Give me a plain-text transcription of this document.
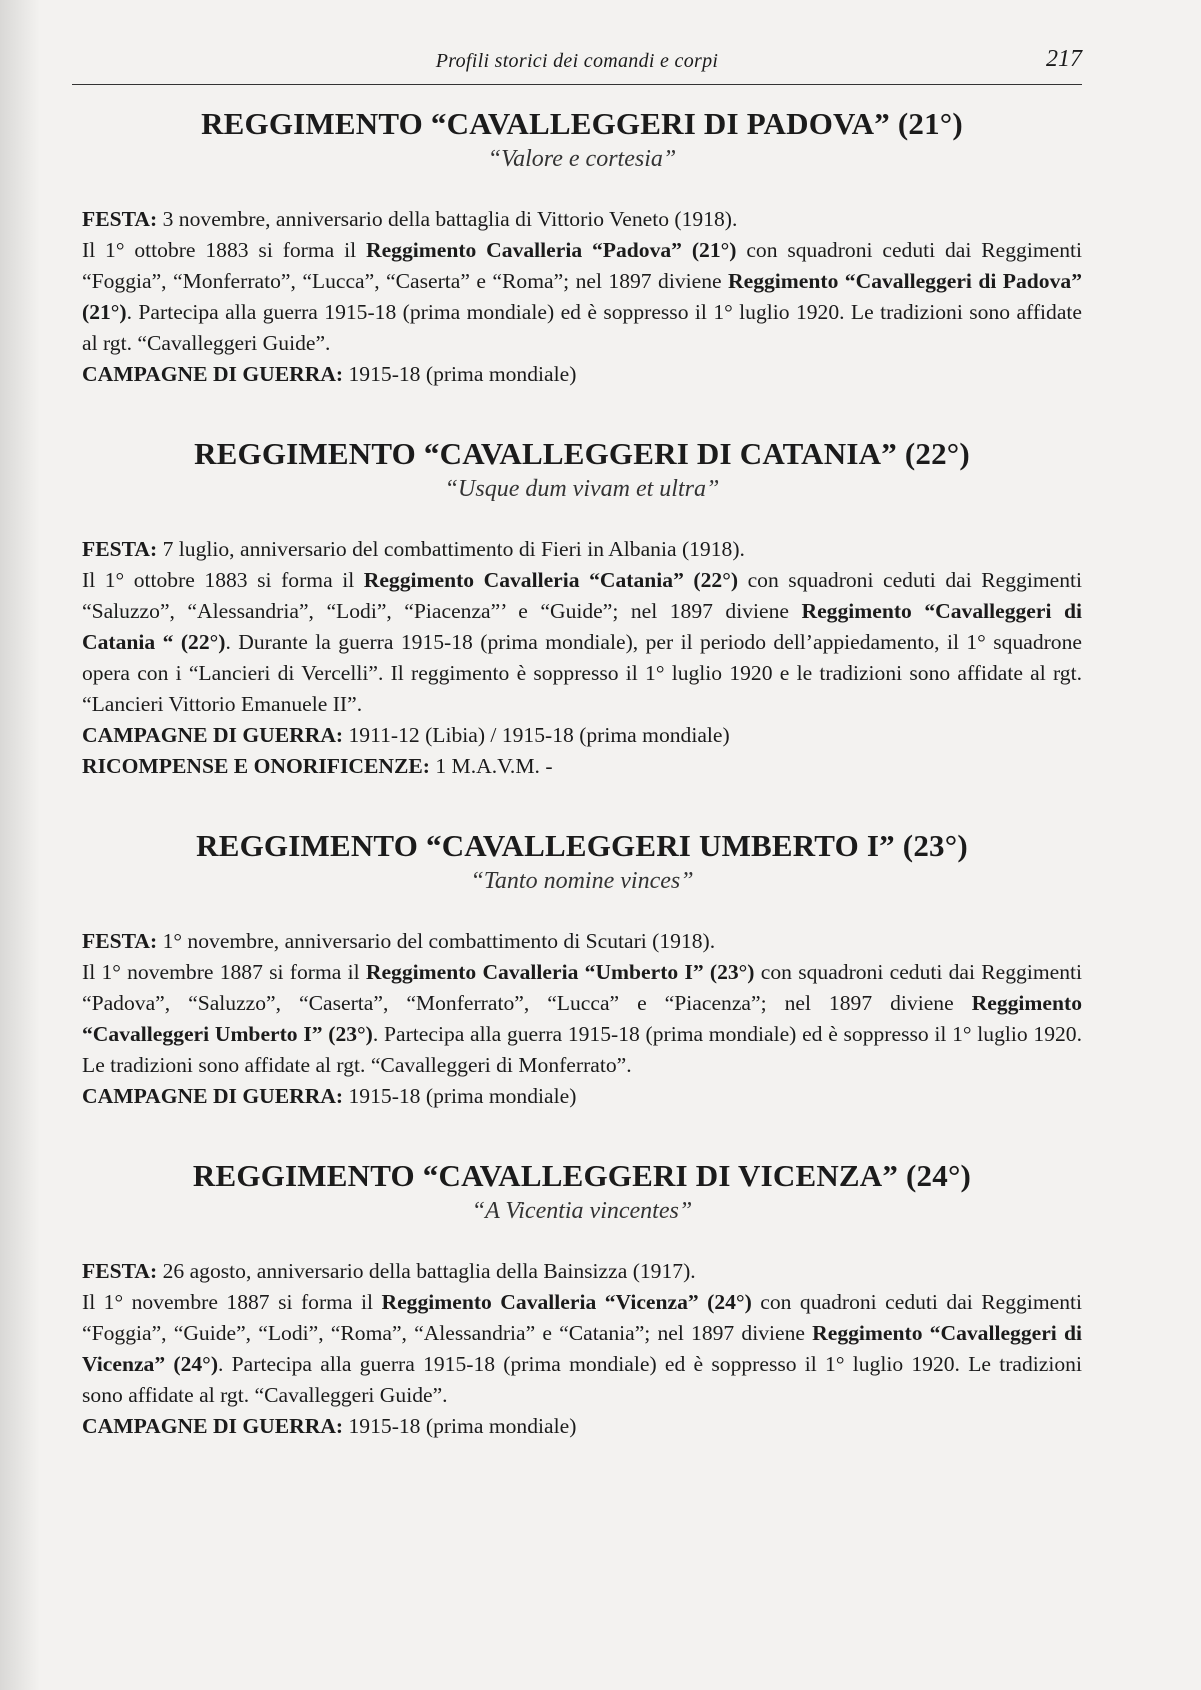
Profili storici dei comandi e corpi	217
REGGIMENTO “CAVALLEGGERI DI PADOVA” (21°)

“Valore e cortesia”

FESTA: 3 novembre, anniversario della battaglia di Vittorio Veneto (1918).

Il 1° ottobre 1883 si forma il Reggimento Cavalleria “Padova” (21°) con squadroni ceduti dai Reggimenti “Foggia”, “Monferrato”, “Lucca”, “Caserta” e “Roma”; nel 1897 diviene Reggimento “Cavalleggeri di Padova” (21°). Partecipa alla guerra 1915-18 (prima mondiale) ed è soppresso il 1° luglio 1920. Le tradizioni sono affidate al rgt. “Cavalleggeri Guide”.

CAMPAGNE DI GUERRA: 1915-18 (prima mondiale)

REGGIMENTO “CAVALLEGGERI DI CATANIA” (22°)

“Usque dum vivam et ultra”

FESTA: 7 luglio, anniversario del combattimento di Fieri in Albania (1918).

Il 1° ottobre 1883 si forma il Reggimento Cavalleria “Catania” (22°) con squadroni ceduti dai Reggimenti “Saluzzo”, “Alessandria”, “Lodi”, “Piacenza”’ e “Guide”; nel 1897 diviene Reggimento “Cavalleggeri di Catania “ (22°). Durante la guerra 1915-18 (prima mondiale), per il periodo dell’appiedamento, il 1° squadrone opera con i “Lancieri di Vercelli”. Il reggimento è soppresso il 1° luglio 1920 e le tradizioni sono affidate al rgt. “Lancieri Vittorio Emanuele II”.

CAMPAGNE DI GUERRA: 1911-12 (Libia) / 1915-18 (prima mondiale)

RICOMPENSE E ONORIFICENZE: 1 M.A.V.M. -

REGGIMENTO “CAVALLEGGERI UMBERTO I” (23°)

“Tanto nomine vinces”

FESTA: 1° novembre, anniversario del combattimento di Scutari (1918).

Il 1° novembre 1887 si forma il Reggimento Cavalleria “Umberto I” (23°) con squadroni ceduti dai Reggimenti “Padova”, “Saluzzo”, “Caserta”, “Monferrato”, “Lucca” e “Piacenza”; nel 1897 diviene Reggimento “Cavalleggeri Umberto I” (23°). Partecipa alla guerra 1915-18 (prima mondiale) ed è soppresso il 1° luglio 1920. Le tradizioni sono affidate al rgt. “Cavalleggeri di Monferrato”.

CAMPAGNE DI GUERRA: 1915-18 (prima mondiale)

REGGIMENTO “CAVALLEGGERI DI VICENZA” (24°)

“A Vicentia vincentes”

FESTA: 26 agosto, anniversario della battaglia della Bainsizza (1917).

Il 1° novembre 1887 si forma il Reggimento Cavalleria “Vicenza” (24°) con quadroni ceduti dai Reggimenti “Foggia”, “Guide”, “Lodi”, “Roma”, “Alessandria” e “Catania”; nel 1897 diviene Reggimento “Cavalleggeri di Vicenza” (24°). Partecipa alla guerra 1915-18 (prima mondiale) ed è soppresso il 1° luglio 1920. Le tradizioni sono affidate al rgt. “Cavalleggeri Guide”.

CAMPAGNE DI GUERRA: 1915-18 (prima mondiale)
